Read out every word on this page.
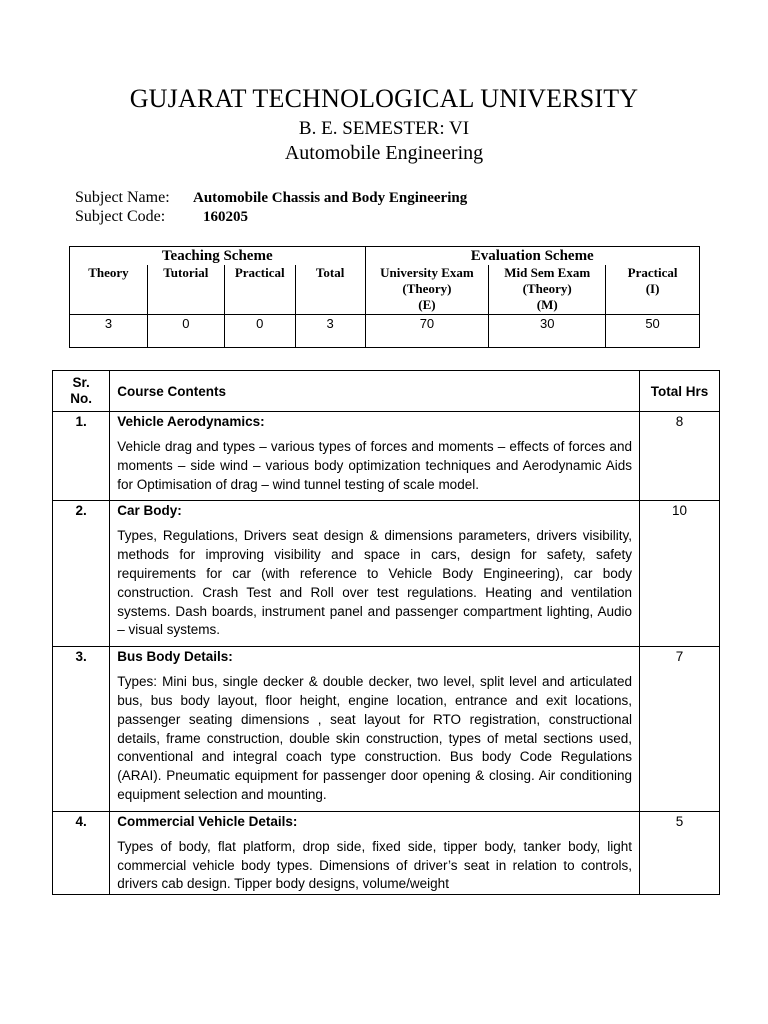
GUJARAT TECHNOLOGICAL UNIVERSITY
B. E. SEMESTER: VI
Automobile Engineering
Subject Name: Automobile Chassis and Body Engineering
Subject Code:	160205
Teaching Scheme				Evaluation Scheme		
Theory	Tutorial	Practical	Total	University Exam
(Theory)
(E)	Mid Sem Exam
(Theory)
(M)	Practical
(I)
3	0	0	3	70	30	50
Sr.
No.	Course Contents	Total Hrs
1.	Vehicle Aerodynamics:
Vehicle drag and types – various types of forces and moments – effects of forces and moments – side wind – various body optimization techniques and Aerodynamic Aids for Optimisation of drag – wind tunnel testing of scale model.	8
2.	Car Body:
Types, Regulations, Drivers seat design & dimensions parameters, drivers visibility, methods for improving visibility and space in cars, design for safety, safety requirements for car (with reference to Vehicle Body Engineering), car body construction. Crash Test and Roll over test regulations. Heating and ventilation systems. Dash boards, instrument panel and passenger compartment lighting, Audio – visual systems.	10
3.	Bus Body Details:
Types: Mini bus, single decker & double decker, two level, split level and articulated bus, bus body layout, floor height, engine location, entrance and exit locations, passenger seating dimensions , seat layout for RTO registration, constructional details, frame construction, double skin construction, types of metal sections used, conventional and integral coach type construction. Bus body Code Regulations (ARAI). Pneumatic equipment for passenger door opening & closing. Air conditioning equipment selection and mounting.	7
4.	Commercial Vehicle Details:
Types of body, flat platform, drop side, fixed side, tipper body, tanker body, light commercial vehicle body types. Dimensions of driver’s seat in relation to controls, drivers cab design. Tipper body designs, volume/weight	5
